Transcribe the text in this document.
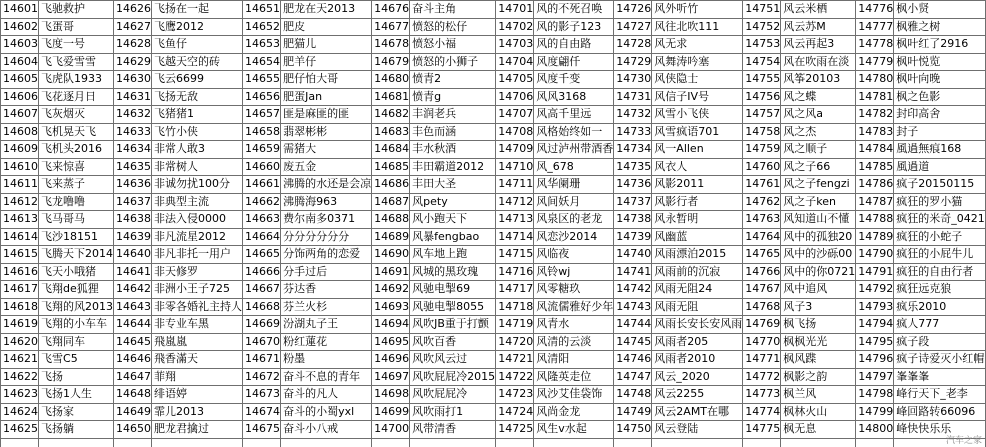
14601	飞驰救护	14626	飞扬在一起	14651	肥龙在天2013	14676	奋斗主角	14701	风的不死召唤	14726	风外听竹	14751	风云米栖	14776	枫小贤
14602	飞蛋哥	14627	飞鹰2012	14652	肥皮	14677	愤怒的松仔	14702	风的影子123	14727	风往北吹111	14752	风云苏M	14777	枫雅之树
14603	飞度一号	14628	飞鱼仔	14653	肥猫儿	14678	愤怒小福	14703	风的自由路	14728	风无求	14753	风云再起3	14778	枫叶红了2916
14604	飞飞爱雪雪	14629	飞越天空的砖	14654	肥羊仔	14679	愤怒的小狮子	14704	风度翩仟	14729	风舞涛吟塞	14754	风在吹雨在淡	14779	枫叶悦览
14605	飞虎队1933	14630	飞云6699	14655	肥仔怕大哥	14680	愤青2	14705	风度千变	14730	风侠隐士	14755	风筝20103	14780	枫叶向晚
14606	飞花逐月日	14631	飞扬无敌	14656	肥蛋Jan	14681	愤青g	14706	风风3168	14731	风信子IV号	14756	风之蝶	14781	枫之色影
14607	飞灰烟灭	14632	飞猪猪1	14657	匪是麻匪的匪	14682	丰润老兵	14707	风高千里远	14732	风雪小飞侠	14757	风之风a	14782	封印高舍
14608	飞机晃天飞	14633	飞竹小侠	14658	翡翠彬彬	14683	丰色而涵	14708	风格始终如一	14733	风雪疯语701	14758	风之杰	14783	封子
14609	飞机头2016	14634	非常人敢3	14659	需猪大	14684	丰水秋酒	14709	风过泸州带酒香	14734	风一Allen	14759	风之顺子	14784	風過無痕168
14610	飞来惊喜	14635	非常树人	14660	废五金	14685	丰田霸道2012	14710	风_678	14735	风衣人	14760	风之子66	14785	風過道
14611	飞来蒸子	14636	非诚勿扰100分	14661	沸腾的水还是会凉	14686	丰田大圣	14711	风华阑珊	14736	风影2011	14761	风之子fengzi	14786	疯子20150115
14612	飞龙噜噜	14637	非典型主流	14662	沸腾海963	14687	风pety	14712	风间妖月	14737	风影行者	14762	风之子ken	14787	疯狂的罗小猫
14613	飞马哥马	14638	非法入侵0000	14663	费尔南多0371	14688	风小跑天下	14713	风泉区的老龙	14738	风永暂明	14763	风知道山不懂	14788	疯狂的米奇_0421
14614	飞沙18151	14639	非凡流星2012	14664	分分分分分分	14689	风暴fengbao	14714	风恋沙2014	14739	风幽蓝	14764	风中的孤独20	14789	疯狂的小蛇子
14615	飞腾天下2014	14640	非凡非托一用户	14665	分饰两角的恋爱	14690	风车地上跑	14715	风临夜	14740	风雨漂泊2015	14765	风中的沙砾00	14790	疯狂的小屁牛儿
14616	飞天小哦猪	14641	非天修罗	14666	分手过后	14691	风城的黑玫瑰	14716	风铃wj	14741	风雨前的沉寂	14766	风中的你0721	14791	疯狂的自由行者
14617	飞翔de狐狸	14642	非洲小王子725	14667	芬达香	14692	风驰电掣69	14717	风零糖玖	14742	风雨无阻24	14767	风中追风	14792	疯狂远克狼
14618	飞翔的风2013	14643	非零各婚礼主持人	14668	芬兰火杉	14693	风驰电掣8055	14718	风流儒雅好少年	14743	风雨无阻	14768	风子3	14793	疯乐2010
14619	飞翔的小车车	14644	非专业车黑	14669	汾湖丸子王	14694	风吹JB重于打颤	14719	风青水	14744	风雨长安长安风雨	14769	枫飞扬	14794	疯人777
14620	飞翔同车	14645	飛嵐嵐	14670	粉红蓮花	14695	风吹百香	14720	风清的云淡	14745	风雨者205	14770	枫枫光光	14795	疯子段
14621	飞雪C5	14646	飛香滿天	14671	粉墨	14696	风吹风云过	14721	风清阳	14746	风雨者2010	14771	枫风蹀	14796	疯子诗爱灭小红帽
14622	飞扬	14647	菲翔	14672	奋斗不息的青年	14697	风吹屁屁冷2015	14722	风隆英走位	14747	风云_2020	14772	枫影之韵	14797	峯峯峯
14623	飞扬1人生	14648	绯语婷	14673	奋斗的凡人	14698	风吹屁屁冷	14723	风沙艾佳袋饰	14748	风云2255	14773	枫兰风	14798	峰行天下_老李
14624	飞扬家	14649	霏儿2013	14674	奋斗的小蜀yxl	14699	风吹雨打1	14724	风尚金龙	14749	风云2AMT在哪	14774	枫林火山	14799	峰回路转66096
14625	飞扬躺	14650	肥龙君擒过	14675	奋斗小八戒	14700	风带清香	14725	风生v水起	14750	风云登陆	14775	枫无息	14800	峰快快乐乐

汽车之家
